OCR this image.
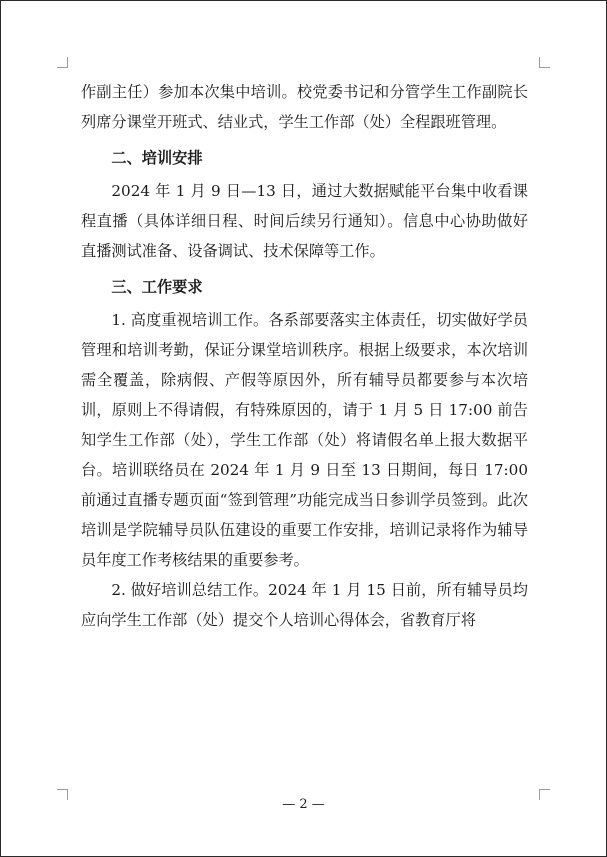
作副主任）参加本次集中培训。校党委书记和分管学生工作副院长列席分课堂开班式、结业式，学生工作部（处）全程跟班管理。

二、培训安排

2024 年 1 月 9 日—13 日，通过大数据赋能平台集中收看课程直播（具体详细日程、时间后续另行通知）。信息中心协助做好直播测试准备、设备调试、技术保障等工作。

三、工作要求

1. 高度重视培训工作。各系部要落实主体责任，切实做好学员管理和培训考勤，保证分课堂培训秩序。根据上级要求，本次培训需全覆盖，除病假、产假等原因外，所有辅导员都要参与本次培训，原则上不得请假，有特殊原因的，请于 1 月 5 日 17:00 前告知学生工作部（处），学生工作部（处）将请假名单上报大数据平台。培训联络员在 2024 年 1 月 9 日至 13 日期间，每日 17:00 前通过直播专题页面“签到管理”功能完成当日参训学员签到。此次培训是学院辅导员队伍建设的重要工作安排，培训记录将作为辅导员年度工作考核结果的重要参考。

2. 做好培训总结工作。2024 年 1 月 15 日前，所有辅导员均应向学生工作部（处）提交个人培训心得体会，省教育厅将

— 2 —
